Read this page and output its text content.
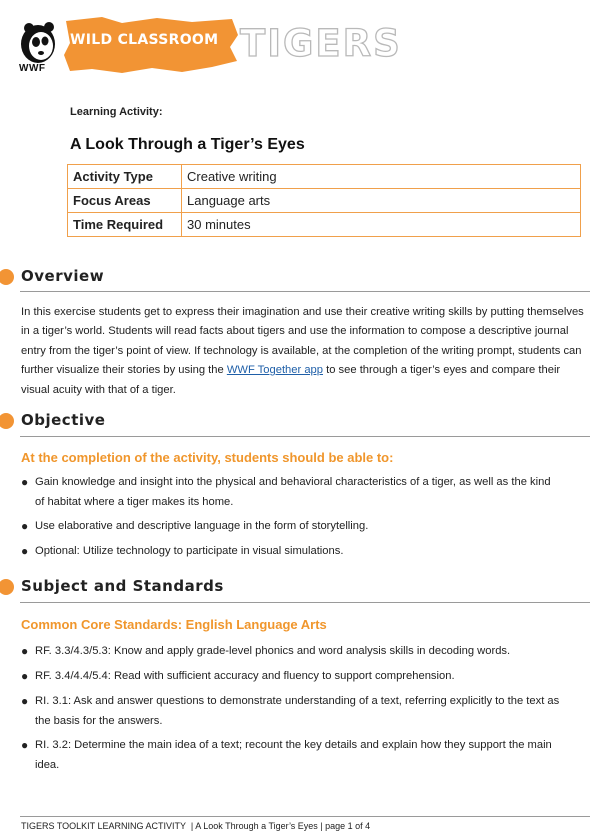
WWF
WILD CLASSROOM TIGERS
Learning Activity:
A Look Through a Tiger’s Eyes
Activity Type	Creative writing
Focus Areas	Language arts
Time Required	30 minutes
Overview
In this exercise students get to express their imagination and use their creative writing skills by putting themselves in a tiger’s world. Students will read facts about tigers and use the information to compose a descriptive journal entry from the tiger’s point of view. If technology is available, at the completion of the writing prompt, students can further visualize their stories by using the WWF Together app to see through a tiger’s eyes and compare their visual acuity with that of a tiger.
Objective
At the completion of the activity, students should be able to:
● Gain knowledge and insight into the physical and behavioral characteristics of a tiger, as well as the kind of habitat where a tiger makes its home.
● Use elaborative and descriptive language in the form of storytelling.
● Optional: Utilize technology to participate in visual simulations.
Subject and Standards
Common Core Standards: English Language Arts
● RF. 3.3/4.3/5.3: Know and apply grade-level phonics and word analysis skills in decoding words.
● RF. 3.4/4.4/5.4: Read with sufficient accuracy and fluency to support comprehension.
● RI. 3.1: Ask and answer questions to demonstrate understanding of a text, referring explicitly to the text as the basis for the answers.
● RI. 3.2: Determine the main idea of a text; recount the key details and explain how they support the main idea.
TIGERS TOOLKIT LEARNING ACTIVITY  | A Look Through a Tiger’s Eyes | page 1 of 4
